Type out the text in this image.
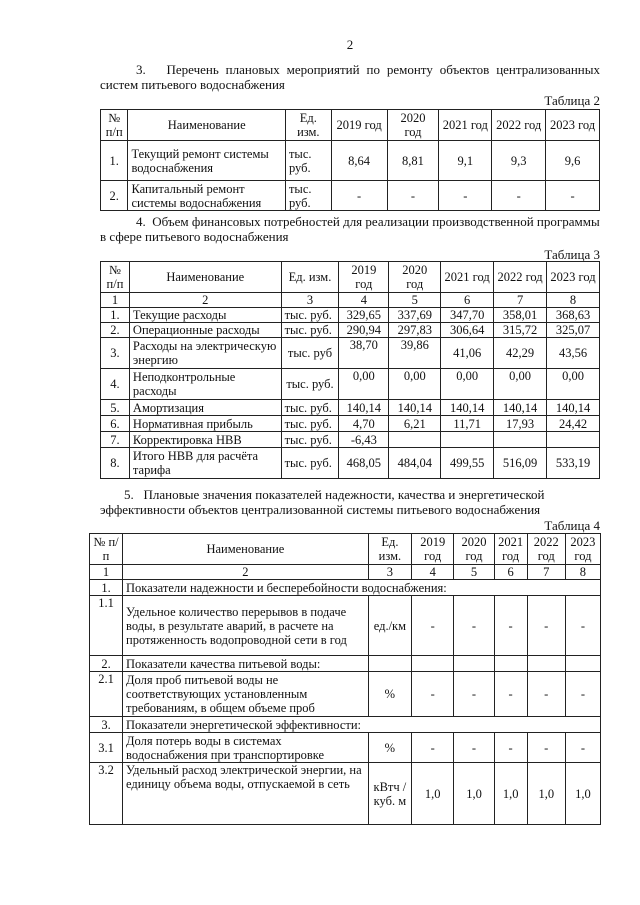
2
3.   Перечень плановых мероприятий по ремонту объектов централизованных систем питьевого водоснабжения
Таблица 2
№ п/п	Наименование	Ед. изм.	2019 год	2020 год	2021 год	2022 год	2023 год
1.	Текущий ремонт системы водоснабжения	тыс. руб.	8,64	8,81	9,1	9,3	9,6
2.	Капитальный ремонт системы водоснабжения	тыс. руб.	-	-	-	-	-
4.  Объем финансовых потребностей для реализации производственной программы в сфере питьевого водоснабжения
Таблица 3
№ п/п	Наименование	Ед. изм.	2019 год	2020 год	2021 год	2022 год	2023 год
1	2	3	4	5	6	7	8
1.	Текущие расходы	тыс. руб.	329,65	337,69	347,70	358,01	368,63
2.	Операционные расходы	тыс. руб.	290,94	297,83	306,64	315,72	325,07
3.	Расходы на электрическую энергию	тыс. руб	38,70	39,86	41,06	42,29	43,56
4.	Неподконтрольные расходы	тыс. руб.	0,00	0,00	0,00	0,00	0,00
5.	Амортизация	тыс. руб.	140,14	140,14	140,14	140,14	140,14
6.	Нормативная прибыль	тыс. руб.	4,70	6,21	11,71	17,93	24,42
7.	Корректировка НВВ	тыс. руб.	-6,43				
8.	Итого НВВ для расчёта тарифа	тыс. руб.	468,05	484,04	499,55	516,09	533,19
5.   Плановые значения показателей надежности, качества и энергетической эффективности объектов централизованной системы питьевого водоснабжения
Таблица 4
№ п/п	Наименование	Ед. изм.	2019 год	2020 год	2021 год	2022 год	2023 год
1	2	3	4	5	6	7	8
1.	Показатели надежности и бесперебойности водоснабжения:						
1.1	Удельное количество перерывов в подаче воды, в результате аварий, в расчете на протяженность водопроводной сети в год	ед./км	-	-	-	-	-
2.	Показатели качества питьевой воды:						
2.1	Доля проб питьевой воды не соответствующих установленным требованиям, в общем объеме проб	%	-	-	-	-	-
3.	Показатели энергетической эффективности:						
3.1	Доля потерь воды в системах водоснабжения при транспортировке	%	-	-	-	-	-
3.2	Удельный расход электрической энергии, на единицу объема воды, отпускаемой в сеть	кВтч /куб. м	1,0	1,0	1,0	1,0	1,0
